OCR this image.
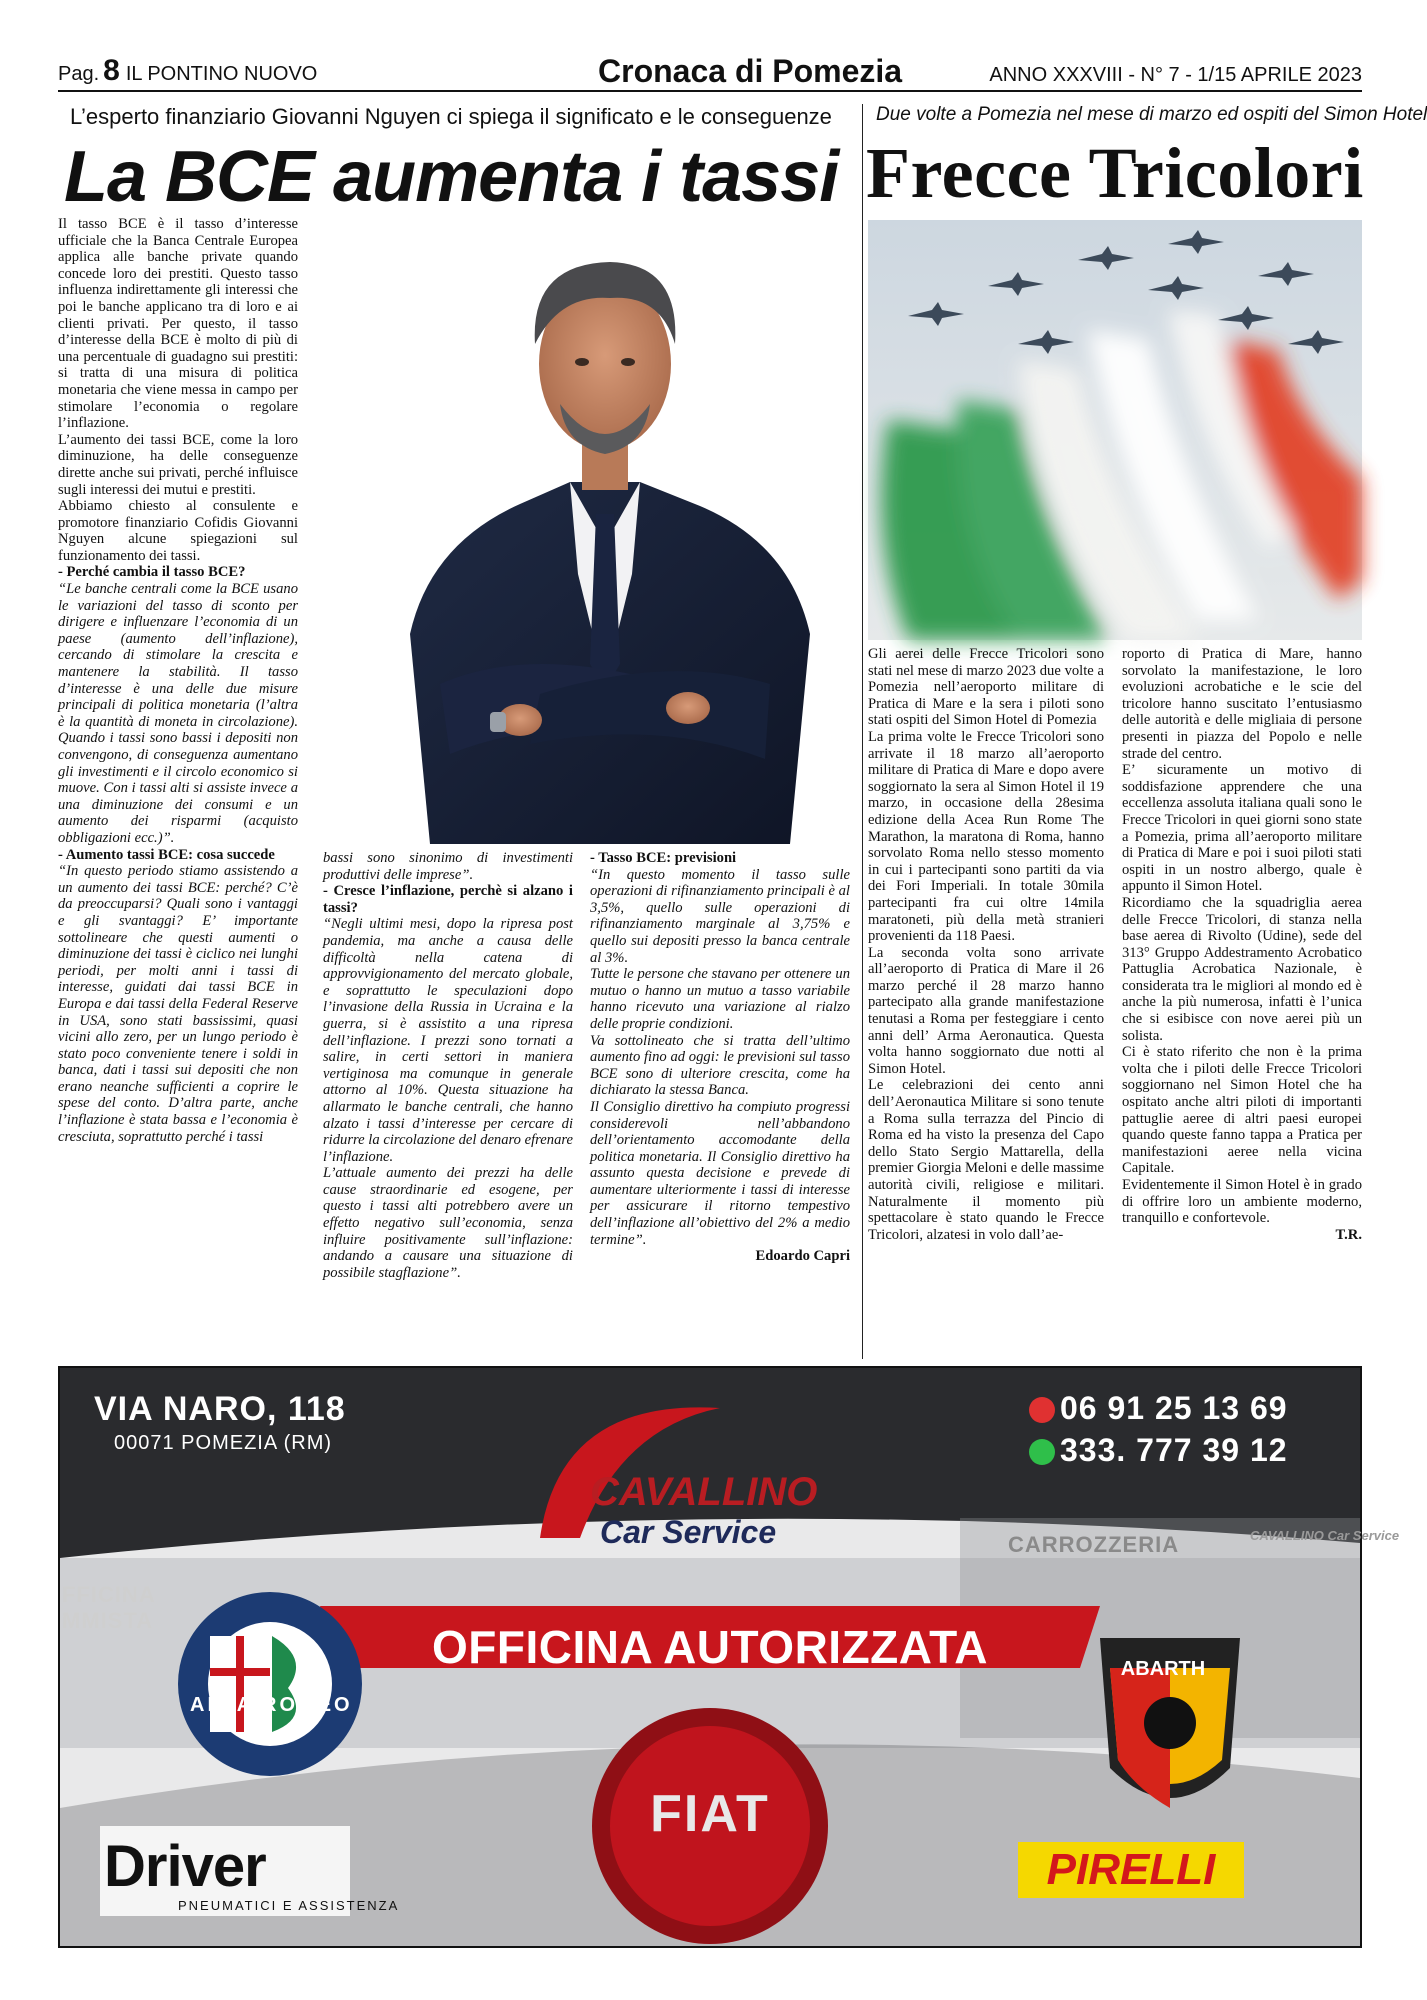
Pag. 8 IL PONTINO NUOVO	Cronaca di Pomezia	ANNO XXXVIII - N° 7 - 1/15 APRILE 2023
L’esperto finanziario Giovanni Nguyen ci spiega il significato e le conseguenze
La BCE aumenta i tassi

Il tasso BCE è il tasso d’interesse ufficiale che la Banca Centrale Europea applica alle banche private quando concede loro dei prestiti. Questo tasso influenza indirettamente gli interessi che poi le banche applicano tra di loro e ai clienti privati. Per questo, il tasso d’interesse della BCE è molto di più di una percentuale di guadagno sui prestiti: si tratta di una misura di politica monetaria che viene messa in campo per stimolare l’economia o regolare l’inflazione.

L’aumento dei tassi BCE, come la loro diminuzione, ha delle conseguenze dirette anche sui privati, perché influisce sugli interessi dei mutui e prestiti.

Abbiamo chiesto al consulente e promotore finanziario Cofidis Giovanni Nguyen alcune spiegazioni sul funzionamento dei tassi.

- Perché cambia il tasso BCE?

“Le banche centrali come la BCE usano le variazioni del tasso di sconto per dirigere e influenzare l’economia di un paese (aumento dell’inflazione), cercando di stimolare la crescita e mantenere la stabilità. Il tasso d’interesse è una delle due misure principali di politica monetaria (l’altra è la quantità di moneta in circolazione). Quando i tassi sono bassi i depositi non convengono, di conseguenza aumentano gli investimenti e il circolo economico si muove. Con i tassi alti si assiste invece a una diminuzione dei consumi e un aumento dei risparmi (acquisto obbligazioni ecc.)”.

- Aumento tassi BCE: cosa succede

“In questo periodo stiamo assistendo a un aumento dei tassi BCE: perché? C’è da preoccuparsi? Quali sono i vantaggi e gli svantaggi? E’ importante sottolineare che questi aumenti o diminuzione dei tassi è ciclico nei lunghi periodi, per molti anni i tassi di interesse, guidati dai tassi BCE in Europa e dai tassi della Federal Reserve in USA, sono stati bassissimi, quasi vicini allo zero, per un lungo periodo è stato poco conveniente tenere i soldi in banca, dati i tassi sui depositi che non erano neanche sufficienti a coprire le spese del conto. D’altra parte, anche l’inflazione è stata bassa e l’economia è cresciuta, soprattutto perché i tassi

bassi sono sinonimo di investimenti produttivi delle imprese”.

- Cresce l’inflazione, perchè si alzano i tassi?

“Negli ultimi mesi, dopo la ripresa post pandemia, ma anche a causa delle difficoltà nella catena di approvvigionamento del mercato globale, e soprattutto le speculazioni dopo l’invasione della Russia in Ucraina e la guerra, si è assistito a una ripresa dell’inflazione. I prezzi sono tornati a salire, in certi settori in maniera vertiginosa ma comunque in generale attorno al 10%. Questa situazione ha allarmato le banche centrali, che hanno alzato i tassi d’interesse per cercare di ridurre la circolazione del denaro efrenare l’inflazione.

L’attuale aumento dei prezzi ha delle cause straordinarie ed esogene, per questo i tassi alti potrebbero avere un effetto negativo sull’economia, senza influire positivamente sull’inflazione: andando a causare una situazione di possibile stagflazione”.

- Tasso BCE: previsioni

“In questo momento il tasso sulle operazioni di rifinanziamento principali è al 3,5%, quello sulle operazioni di rifinanziamento marginale al 3,75% e quello sui depositi presso la banca centrale al 3%.

Tutte le persone che stavano per ottenere un mutuo o hanno un mutuo a tasso variabile hanno ricevuto una variazione al rialzo delle proprie condizioni.

Va sottolineato che si tratta dell’ultimo aumento fino ad oggi: le previsioni sul tasso BCE sono di ulteriore crescita, come ha dichiarato la stessa Banca.

Il Consiglio direttivo ha compiuto progressi considerevoli nell’abbandono dell’orientamento accomodante della politica monetaria. Il Consiglio direttivo ha assunto questa decisione e prevede di aumentare ulteriormente i tassi di interesse per assicurare il ritorno tempestivo dell’inflazione all’obiettivo del 2% a medio termine”.

Edoardo Capri

Due volte a Pomezia nel mese di marzo ed ospiti del Simon Hotel
Frecce Tricolori

Gli aerei delle Frecce Tricolori sono stati nel mese di marzo 2023 due volte a Pomezia nell’aeroporto militare di Pratica di Mare e la sera i piloti sono stati ospiti del Simon Hotel di Pomezia

La prima volte le Frecce Tricolori sono arrivate il 18 marzo all’aeroporto militare di Pratica di Mare e dopo avere soggiornato la sera al Simon Hotel il 19 marzo, in occasione della 28esima edizione della Acea Run Rome The Marathon, la maratona di Roma, hanno sorvolato Roma nello stesso momento in cui i partecipanti sono partiti da via dei Fori Imperiali. In totale 30mila partecipanti fra cui oltre 14mila maratoneti, più della metà stranieri provenienti da 118 Paesi.

La seconda volta sono arrivate all’aeroporto di Pratica di Mare il 26 marzo perché il 28 marzo hanno partecipato alla grande manifestazione tenutasi a Roma per festeggiare i cento anni dell’ Arma Aeronautica. Questa volta hanno soggiornato due notti al Simon Hotel.

Le celebrazioni dei cento anni dell’Aeronautica Militare si sono tenute a Roma sulla terrazza del Pincio di Roma ed ha visto la presenza del Capo dello Stato Sergio Mattarella, della premier Giorgia Meloni e delle massime autorità civili, religiose e militari. Naturalmente il momento più spettacolare è stato quando le Frecce Tricolori, alzatesi in volo dall’ae-

roporto di Pratica di Mare, hanno sorvolato la manifestazione, le loro evoluzioni acrobatiche e le scie del tricolore hanno suscitato l’entusiasmo delle autorità e delle migliaia di persone presenti in piazza del Popolo e nelle strade del centro.

E’ sicuramente un motivo di soddisfazione apprendere che una eccellenza assoluta italiana quali sono le Frecce Tricolori in quei giorni sono state a Pomezia, prima all’aeroporto militare di Pratica di Mare e poi i suoi piloti stati ospiti in un nostro albergo, quale è appunto il Simon Hotel.

Ricordiamo che la squadriglia aerea delle Frecce Tricolori, di stanza nella base aerea di Rivolto (Udine), sede del 313° Gruppo Addestramento Acrobatico Pattuglia Acrobatica Nazionale, è considerata tra le migliori al mondo ed è anche la più numerosa, infatti è l’unica che si esibisce con nove aerei più un solista.

Ci è stato riferito che non è la prima volta che i piloti delle Frecce Tricolori soggiornano nel Simon Hotel che ha ospitato anche altri piloti di importanti pattuglie aeree di altri paesi europei quando queste fanno tappa a Pratica per manifestazioni aeree nella vicina Capitale.

Evidentemente il Simon Hotel è in grado di offrire loro un ambiente moderno, tranquillo e confortevole.

T.R.

VIA NARO, 118
00071 POMEZIA (RM)
06 91 25 13 69
333. 777 39 12
CAVALLINO
Car Service	CARROZZERIA	CAVALLINO Car Service
FFICINA
MMISTA
OFFICINA AUTORIZZATA
ALFA ROMEO
ABARTH
FIAT
Driver
PNEUMATICI E ASSISTENZA
PIRELLI
